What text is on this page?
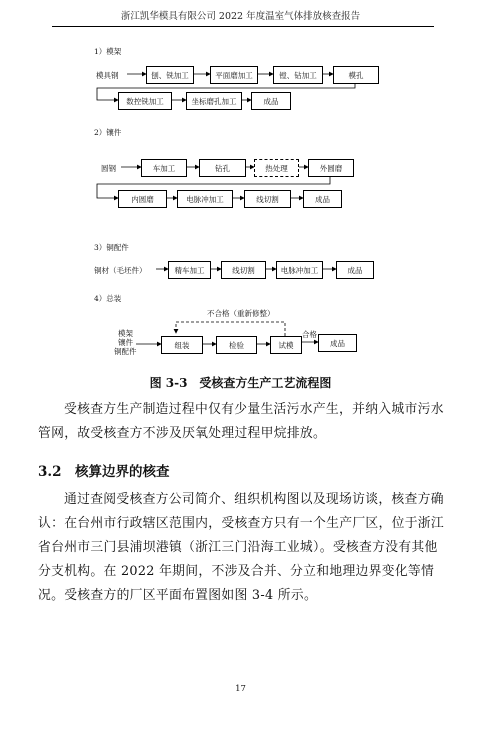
浙江凯华模具有限公司 2022 年度温室气体排放核查报告
1）模架
模具钢	刨、铣加工	平面磨加工	镗、钻加工	模孔
数控铣加工	坐标磨孔加工	成品
2）镶件
圆钢	车加工	钻孔	热处理	外圆磨
内圆磨	电脉冲加工	线切割	成品
3）铜配件
铜材（毛坯件）	精车加工	线切割	电脉冲加工	成品
4）总装
不合格（重新修整）
模架
镶件
铜配件
组装	检验	试模
合格
成品
图 3-3　受核查方生产工艺流程图
受核查方生产制造过程中仅有少量生活污水产生，并纳入城市污水管网，故受核查方不涉及厌氧处理过程甲烷排放。
3.2　核算边界的核查
通过查阅受核查方公司简介、组织机构图以及现场访谈，核查方确认：在台州市行政辖区范围内，受核查方只有一个生产厂区，位于浙江省台州市三门县浦坝港镇（浙江三门沿海工业城）。受核查方没有其他分支机构。在 2022 年期间，不涉及合并、分立和地理边界变化等情况。受核查方的厂区平面布置图如图 3-4 所示。
17
